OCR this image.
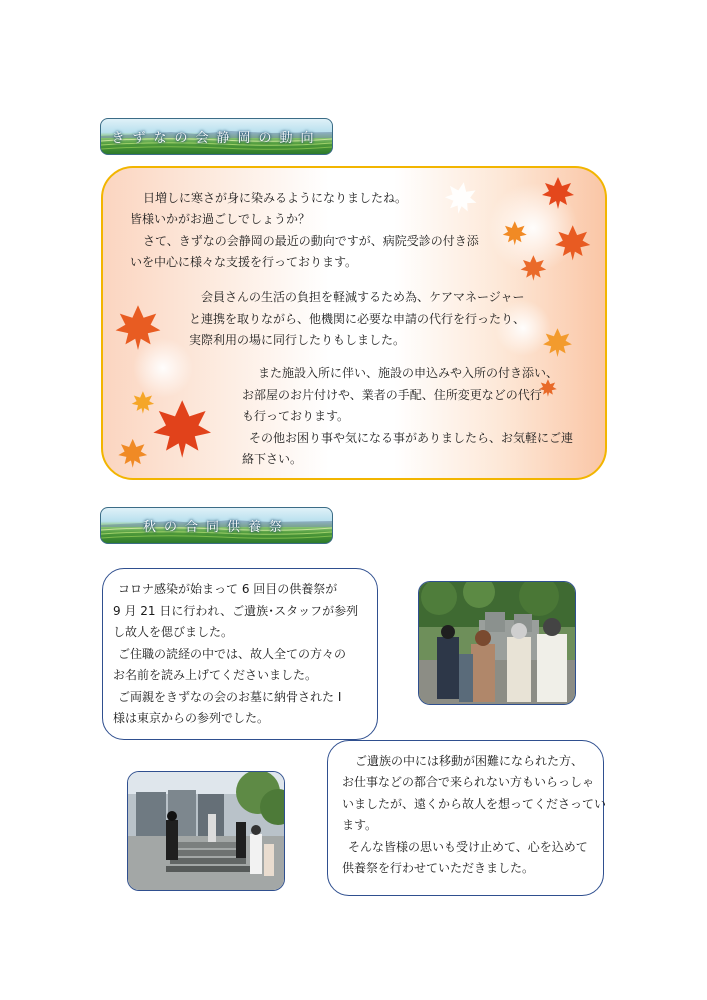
きずなの会静岡の動向
日増しに寒さが身に染みるようになりましたね。
皆様いかがお過ごしでしょうか？
さて、きずなの会静岡の最近の動向ですが、病院受診の付き添
いを中心に様々な支援を行っております。
会員さんの生活の負担を軽減するため為、ケアマネージャー
と連携を取りながら、他機関に必要な申請の代行を行ったり、
実際利用の場に同行したりもしました。
また施設入所に伴い、施設の申込みや入所の付き添い、
お部屋のお片付けや、業者の手配、住所変更などの代行
も行っております。
その他お困り事や気になる事がありましたら、お気軽にご連
絡下さい。
秋の合同供養祭
コロナ感染が始まって 6 回目の供養祭が
9 月 21 日に行われ、ご遺族･スタッフが参列
し故人を偲びました。
ご住職の読経の中では、故人全ての方々の
お名前を読み上げてくださいました。
ご両親をきずなの会のお墓に納骨された I
様は東京からの参列でした。
ご遺族の中には移動が困難になられた方、
お仕事などの都合で来られない方もいらっしゃ
いましたが、遠くから故人を想ってくださってい
ます。
そんな皆様の思いも受け止めて、心を込めて
供養祭を行わせていただきました。
